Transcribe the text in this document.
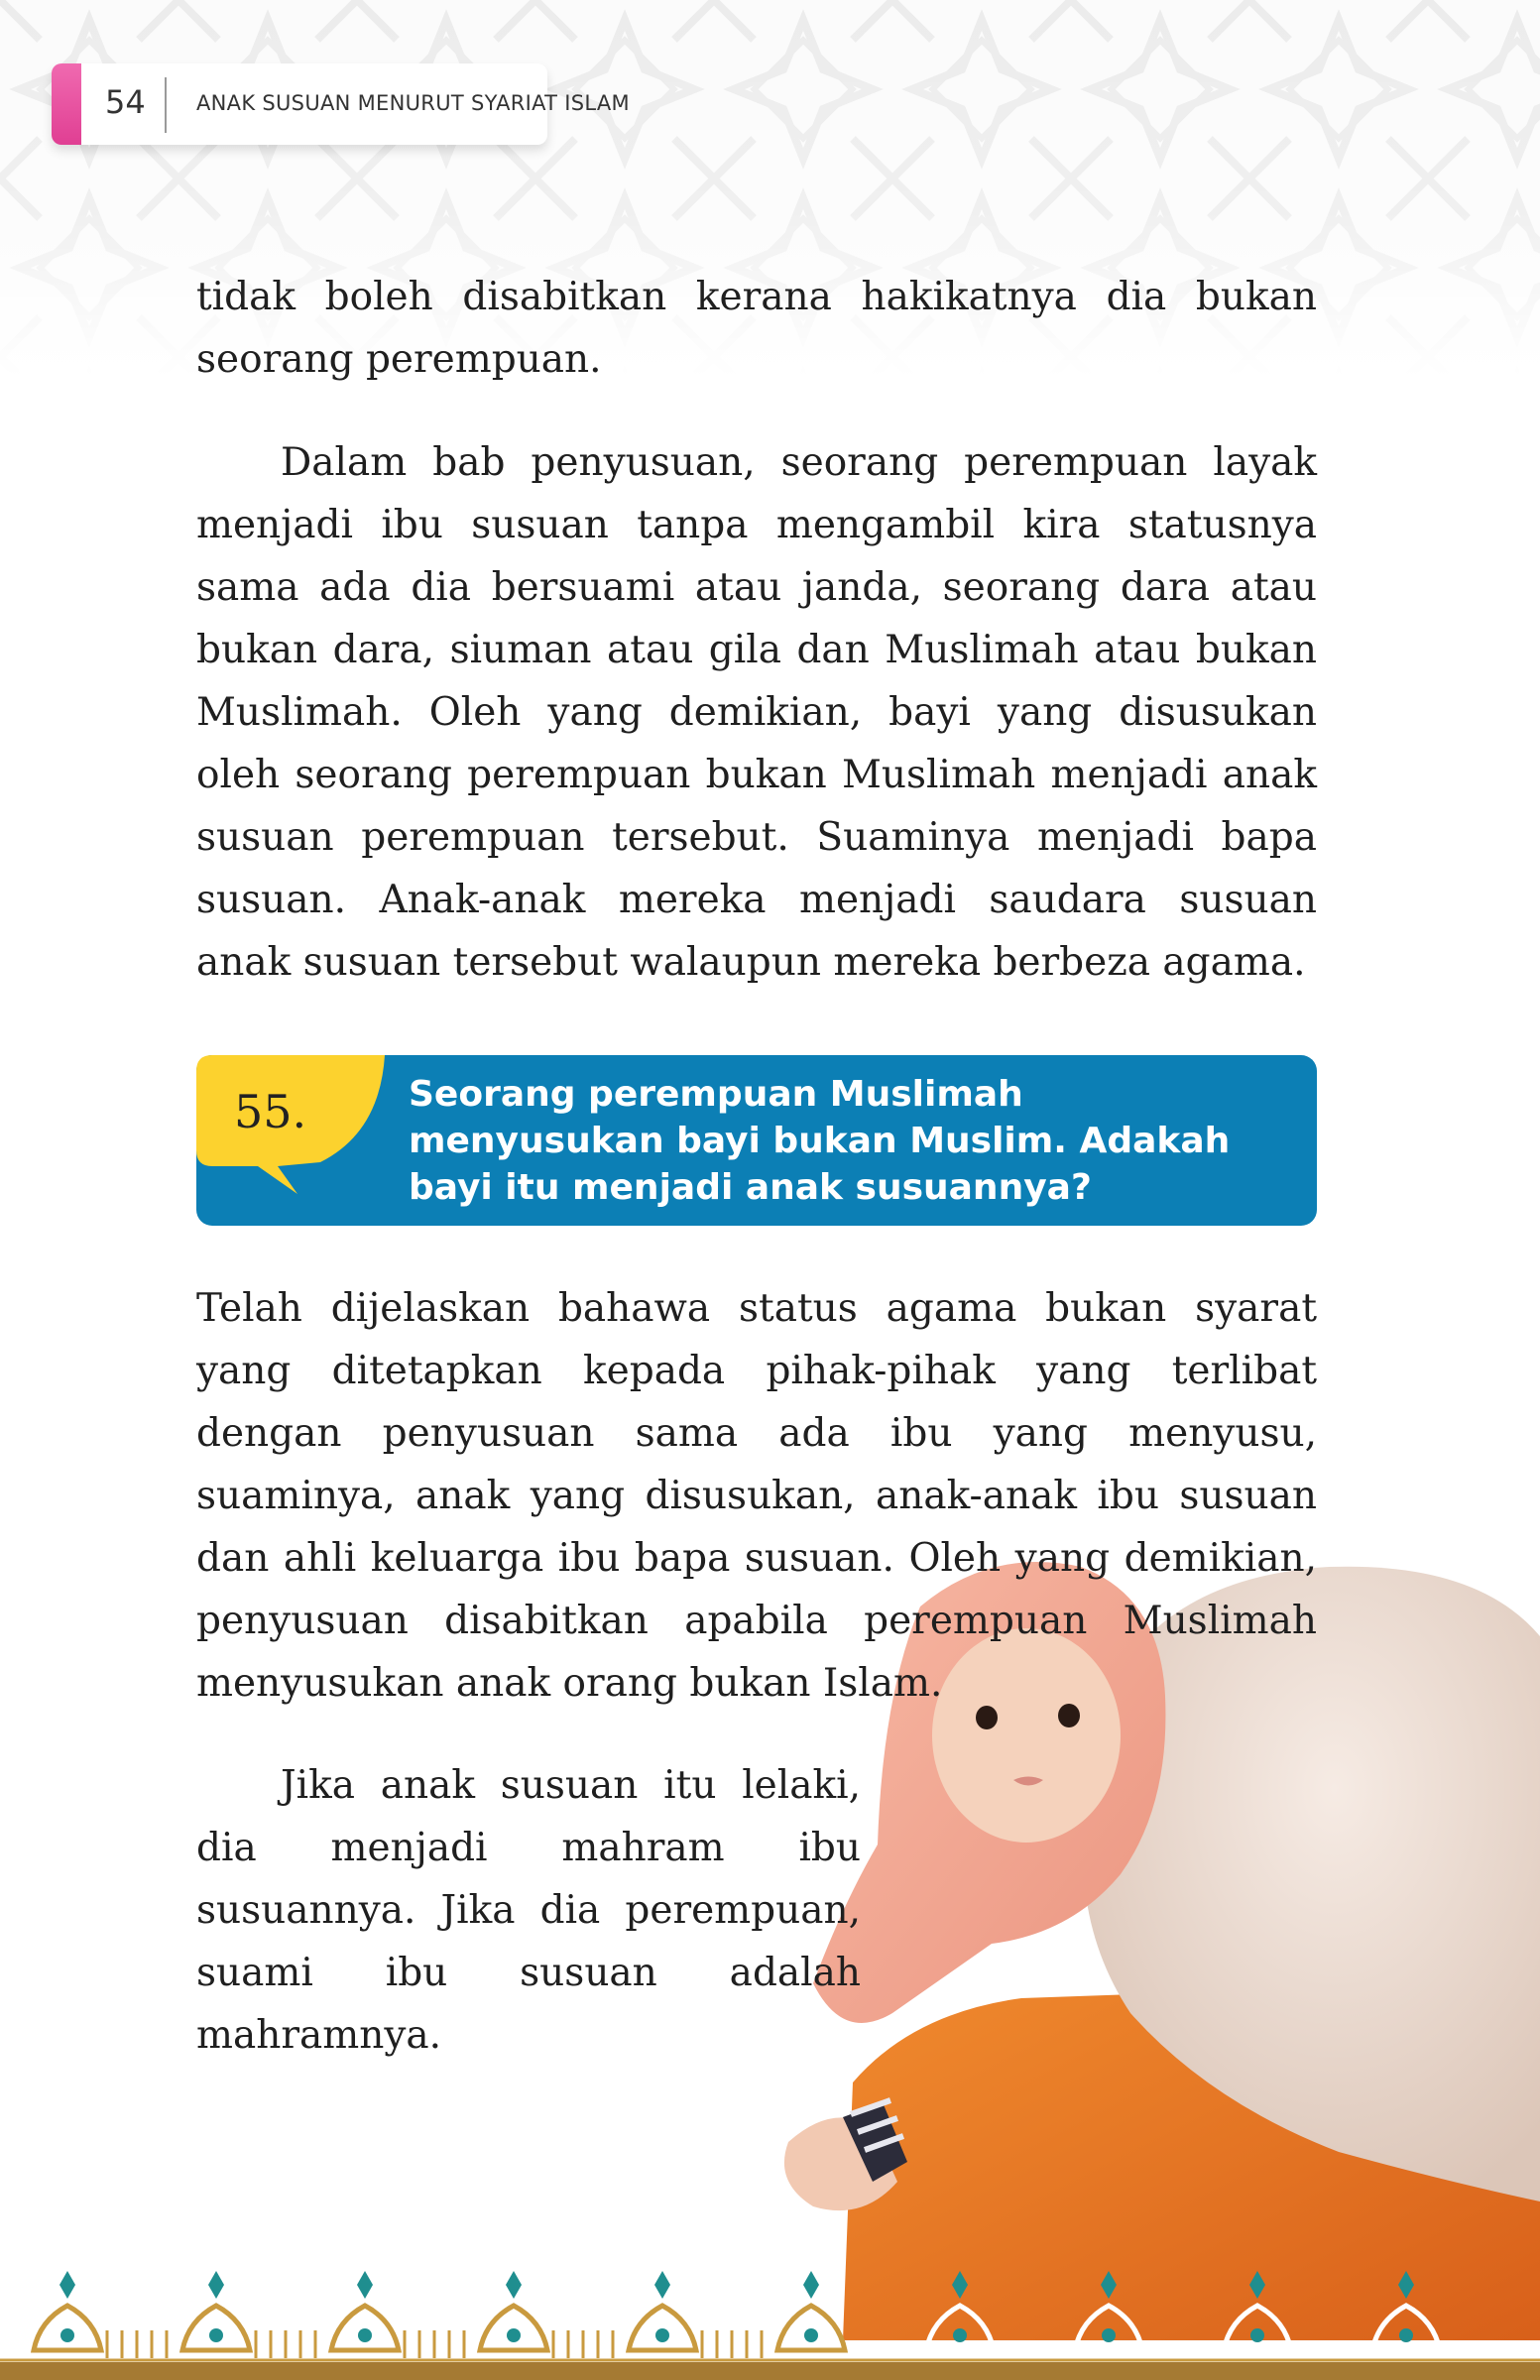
54 ANAK SUSUAN MENURUT SYARIAT ISLAM
tidak boleh disabitkan kerana hakikatnya dia bukan seorang perempuan.
Dalam bab penyusuan, seorang perempuan layak menjadi ibu susuan tanpa mengambil kira statusnya sama ada dia bersuami atau janda, seorang dara atau bukan dara, siuman atau gila dan Muslimah atau bukan Muslimah. Oleh yang demikian, bayi yang disusukan oleh seorang perempuan bukan Muslimah menjadi anak susuan perempuan tersebut. Suaminya menjadi bapa susuan. Anak-anak mereka menjadi saudara susuan anak susuan tersebut walaupun mereka berbeza agama.
55.	Seorang perempuan Muslimah menyusukan bayi bukan Muslim. Adakah bayi itu menjadi anak susuannya?
Telah dijelaskan bahawa status agama bukan syarat yang ditetapkan kepada pihak-pihak yang terlibat dengan penyusuan sama ada ibu yang menyusu, suaminya, anak yang disusukan, anak-anak ibu susuan dan ahli keluarga ibu bapa susuan. Oleh yang demikian, penyusuan disabitkan apabila perempuan Muslimah menyusukan anak orang bukan Islam.
Jika anak susuan itu lelaki, dia menjadi mahram ibu susuannya. Jika dia perempuan, suami ibu susuan adalah mahramnya.
